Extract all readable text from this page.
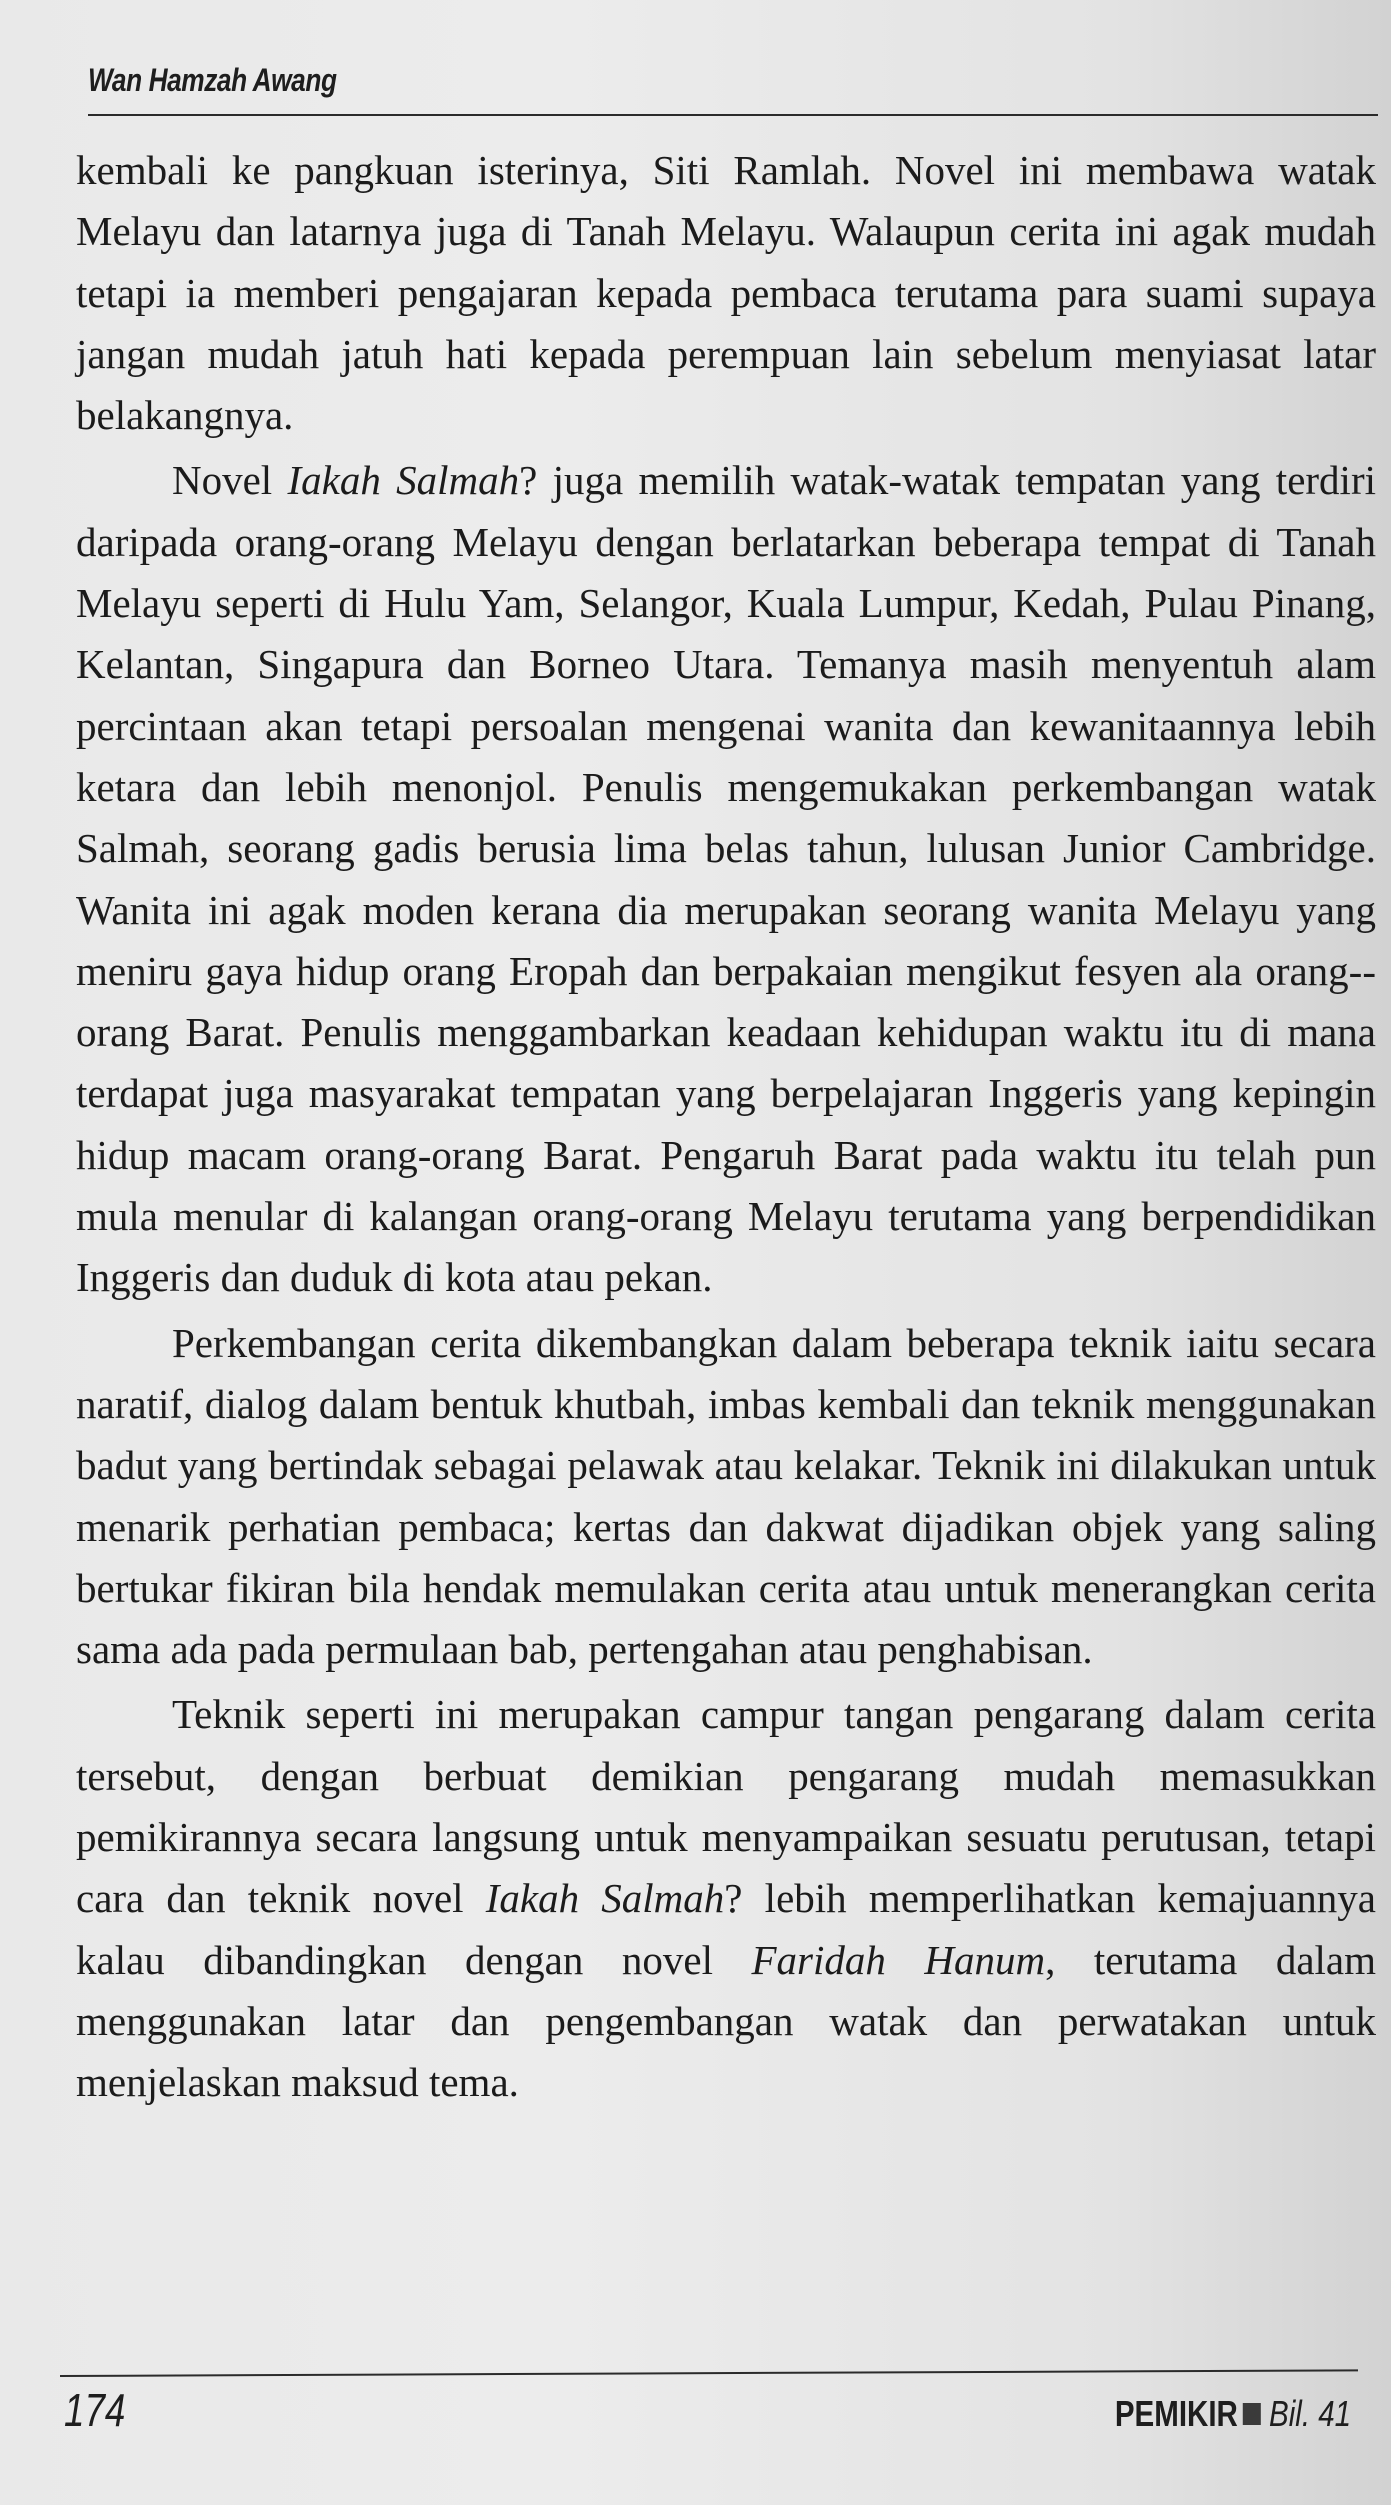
Wan Hamzah Awang

kembali ke pangkuan isterinya, Siti Ramlah. Novel ini membawa watak Melayu dan latarnya juga di Tanah Melayu. Walaupun cerita ini agak mudah tetapi ia memberi pengajaran kepada pembaca terutama para suami supaya jangan mudah jatuh hati kepada perempuan lain sebelum menyiasat latar belakangnya.

Novel Iakah Salmah? juga memilih watak-watak tempatan yang terdiri daripada orang-orang Melayu dengan berlatarkan beberapa tempat di Tanah Melayu seperti di Hulu Yam, Selangor, Kuala Lumpur, Kedah, Pulau Pinang, Kelantan, Singapura dan Borneo Utara. Temanya masih menyentuh alam percintaan akan tetapi persoalan mengenai wanita dan kewanitaannya lebih ketara dan lebih menonjol. Penulis mengemukakan perkembangan watak Salmah, seorang gadis berusia lima belas tahun, lulusan Junior Cambridge. Wanita ini agak moden kerana dia merupakan seorang wanita Melayu yang meniru gaya hidup orang Eropah dan berpakaian mengikut fesyen ala orang-orang Barat. Penulis menggambarkan keadaan kehidupan waktu itu di mana terdapat juga masyarakat tempatan yang berpelajaran Inggeris yang kepingin hidup macam orang-orang Barat. Pengaruh Barat pada waktu itu telah pun mula menular di kalangan orang-orang Melayu terutama yang berpendidikan Inggeris dan duduk di kota atau pekan.

Perkembangan cerita dikembangkan dalam beberapa teknik iaitu secara naratif, dialog dalam bentuk khutbah, imbas kembali dan teknik menggunakan badut yang bertindak sebagai pelawak atau kelakar. Teknik ini dilakukan untuk menarik perhatian pembaca; kertas dan dakwat dijadikan objek yang saling bertukar fikiran bila hendak memulakan cerita atau untuk menerangkan cerita sama ada pada permulaan bab, pertengahan atau penghabisan.

Teknik seperti ini merupakan campur tangan pengarang dalam cerita tersebut, dengan berbuat demikian pengarang mudah memasukkan pemikirannya secara langsung untuk menyampaikan sesuatu perutusan, tetapi cara dan teknik novel Iakah Salmah? lebih memperlihatkan kemajuannya kalau dibandingkan dengan novel Faridah Hanum, terutama dalam menggunakan latar dan pengembangan watak dan perwatakan untuk menjelaskan maksud tema.

174	PEMIKIR Bil. 41
